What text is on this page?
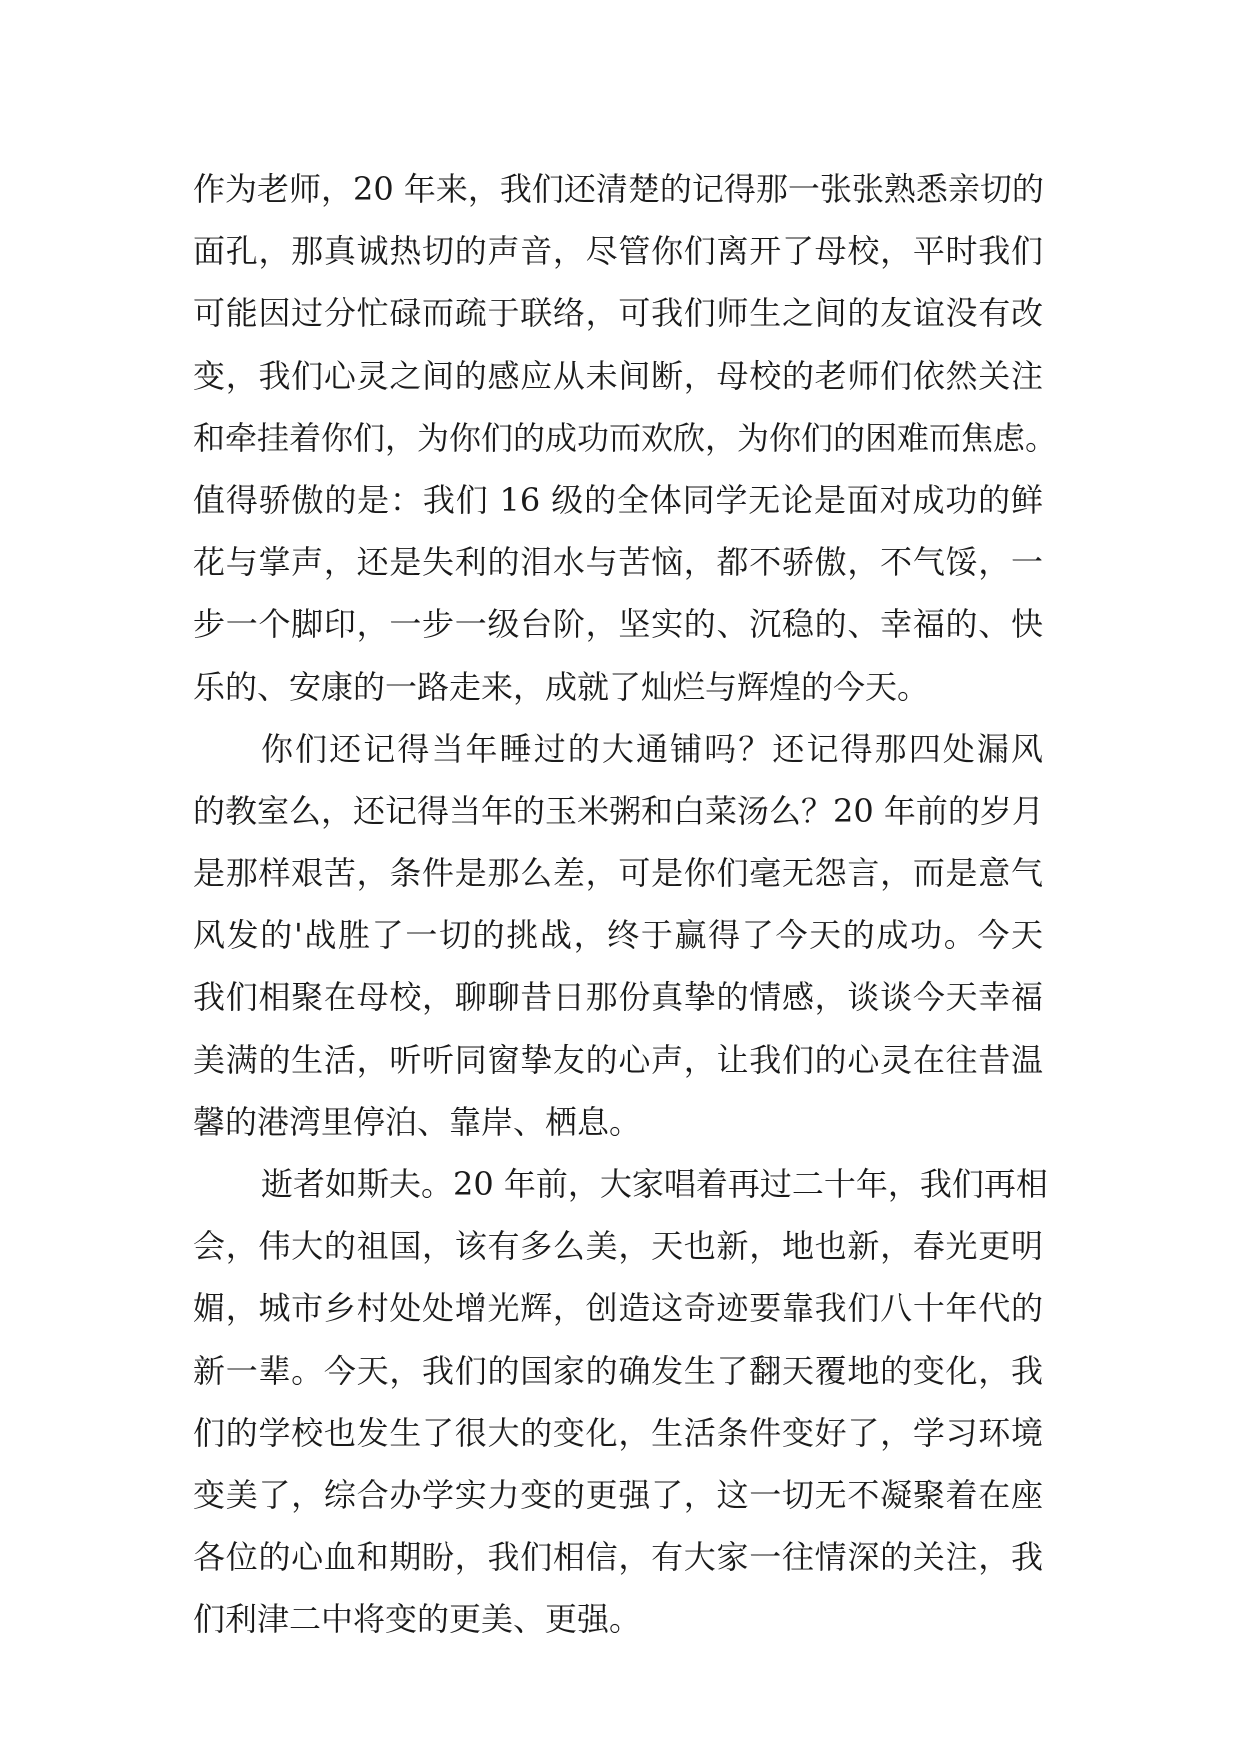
作为老师，20 年来，我们还清楚的记得那一张张熟悉亲切的
面孔，那真诚热切的声音，尽管你们离开了母校，平时我们
可能因过分忙碌而疏于联络，可我们师生之间的友谊没有改
变，我们心灵之间的感应从未间断，母校的老师们依然关注
和牵挂着你们，为你们的成功而欢欣，为你们的困难而焦虑。
值得骄傲的是：我们 16 级的全体同学无论是面对成功的鲜
花与掌声，还是失利的泪水与苦恼，都不骄傲，不气馁，一
步一个脚印，一步一级台阶，坚实的、沉稳的、幸福的、快
乐的、安康的一路走来，成就了灿烂与辉煌的今天。
你们还记得当年睡过的大通铺吗？还记得那四处漏风
的教室么，还记得当年的玉米粥和白菜汤么？20 年前的岁月
是那样艰苦，条件是那么差，可是你们毫无怨言，而是意气
风发的'战胜了一切的挑战，终于赢得了今天的成功。今天
我们相聚在母校，聊聊昔日那份真挚的情感，谈谈今天幸福
美满的生活，听听同窗挚友的心声，让我们的心灵在往昔温
馨的港湾里停泊、靠岸、栖息。
逝者如斯夫。20 年前，大家唱着再过二十年，我们再相
会，伟大的祖国，该有多么美，天也新，地也新，春光更明
媚，城市乡村处处增光辉，创造这奇迹要靠我们八十年代的
新一辈。今天，我们的国家的确发生了翻天覆地的变化，我
们的学校也发生了很大的变化，生活条件变好了，学习环境
变美了，综合办学实力变的更强了，这一切无不凝聚着在座
各位的心血和期盼，我们相信，有大家一往情深的关注，我
们利津二中将变的更美、更强。
